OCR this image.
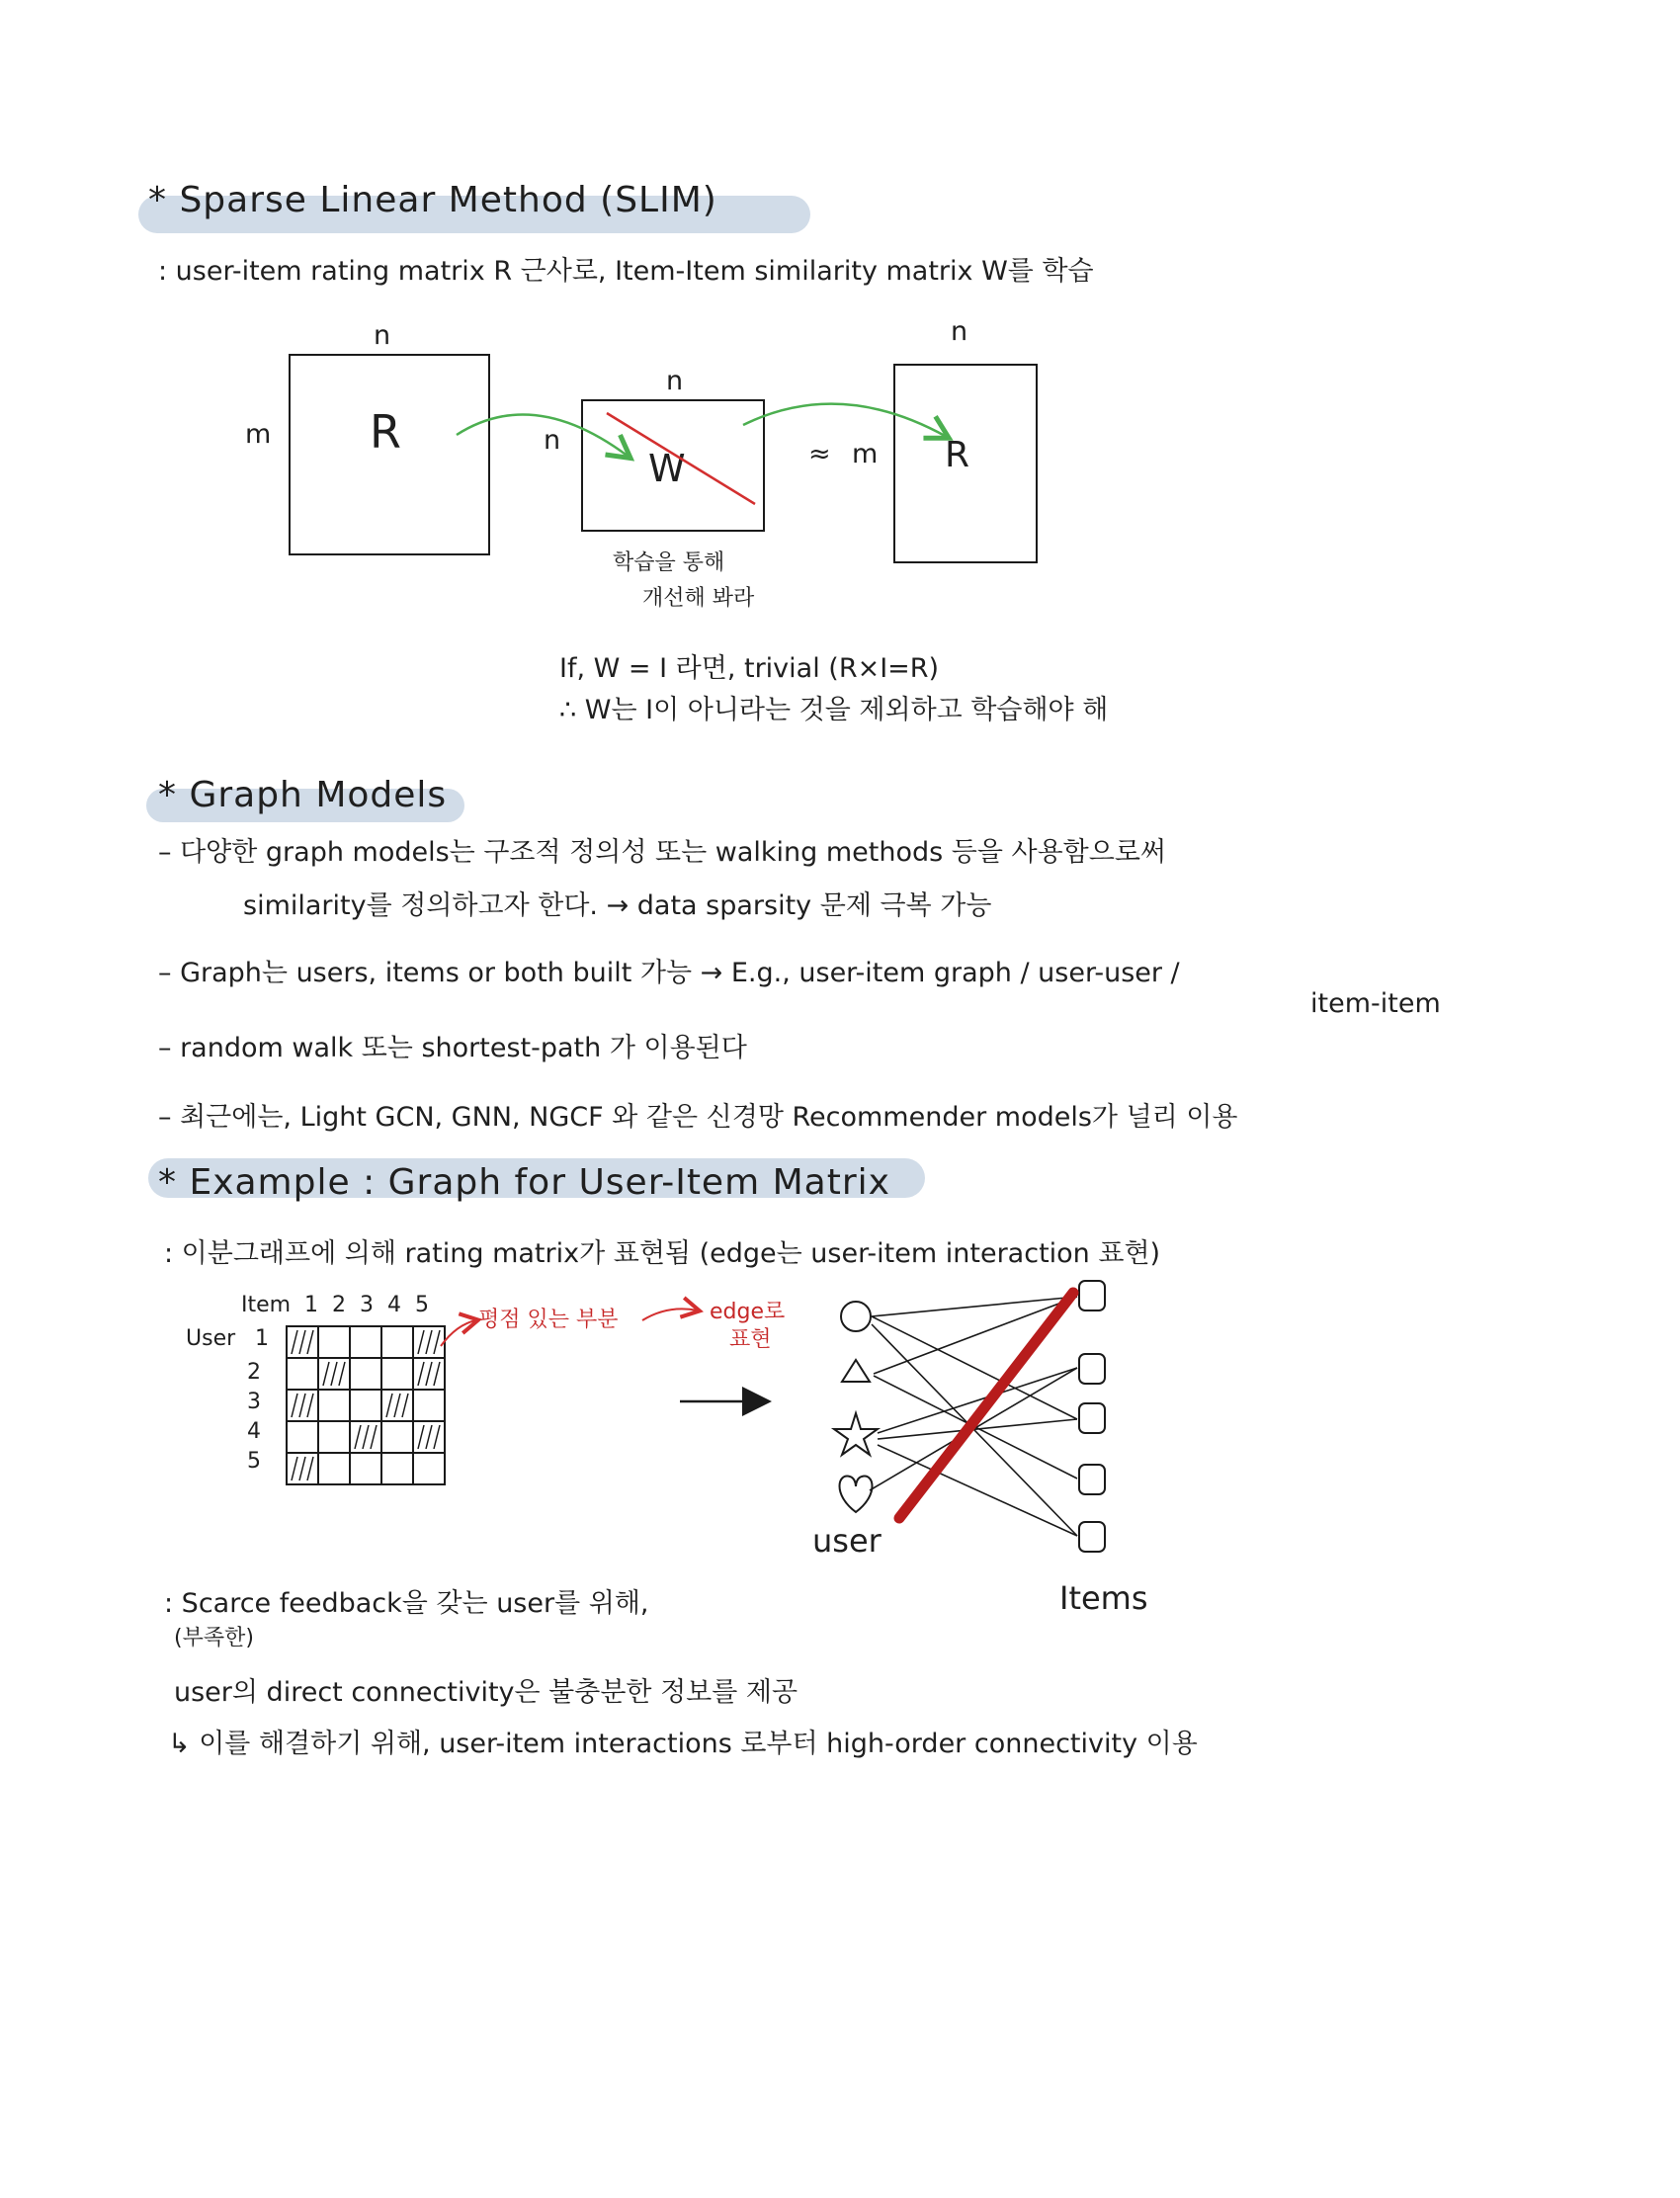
* Sparse Linear Method (SLIM)
: user-item rating matrix R 근사로, Item-Item similarity matrix W를 학습
n
m R
n
n
W
학습을 통해
개선해 봐라
≈ m
n
R
If, W = I 라면, trivial (R×I=R)
∴ W는 I이 아니라는 것을 제외하고 학습해야 해
* Graph Models
– 다양한 graph models는 구조적 정의성 또는 walking methods 등을 사용함으로써
similarity를 정의하고자 한다. → data sparsity 문제 극복 가능
– Graph는 users, items or both built 가능 → E.g., user-item graph / user-user /
item-item
– random walk 또는 shortest-path 가 이용된다
– 최근에는, Light GCN, GNN, NGCF 와 같은 신경망 Recommender models가 널리 이용
* Example : Graph for User-Item Matrix
: 이분그래프에 의해 rating matrix가 표현됨 (edge는 user-item interaction 표현)
Item 1 2 3 4 5
User 1
2
3
4
5
평점 있는 부분	edge로
표현
user
Items
: Scarce feedback을 갖는 user를 위해,
(부족한)
user의 direct connectivity은 불충분한 정보를 제공
↳ 이를 해결하기 위해, user-item interactions 로부터 high-order connectivity 이용
